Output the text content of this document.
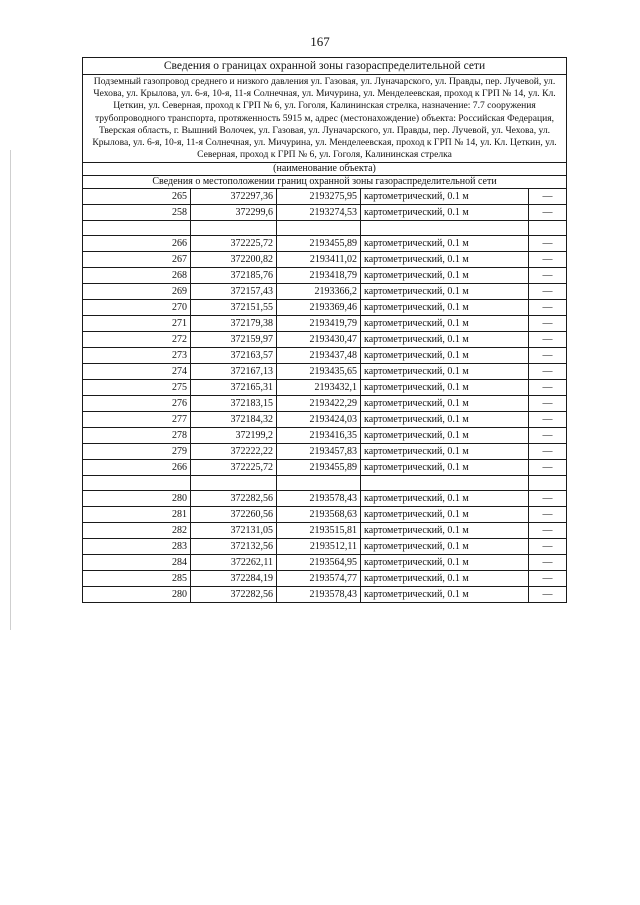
167
Сведения о границах охранной зоны газораспределительной сети				
Подземный газопровод среднего и низкого давления ул. Газовая, ул. Луначарского, ул. Правды, пер. Лучевой, ул. Чехова, ул. Крылова, ул. 6-я, 10-я, 11-я Солнечная, ул. Мичурина, ул. Менделеевская, проход к ГРП № 14, ул. Кл. Цеткин, ул. Северная, проход к ГРП № 6, ул. Гоголя, Калининская стрелка, назначение: 7.7 сооружения трубопроводного транспорта, протяженность 5915 м, адрес (местонахождение) объекта: Российская Федерация, Тверская область, г. Вышний Волочек, ул. Газовая, ул. Луначарского, ул. Правды, пер. Лучевой, ул. Чехова, ул. Крылова, ул. 6-я, 10-я, 11-я Солнечная, ул. Мичурина, ул. Менделеевская, проход к ГРП № 14, ул. Кл. Цеткин, ул. Северная, проход к ГРП № 6, ул. Гоголя, Калининская стрелка				
(наименование объекта)				
Сведения о местоположении границ охранной зоны газораспределительной сети				
265	372297,36	2193275,95	картометрический, 0.1 м	—
258	372299,6	2193274,53	картометрический, 0.1 м	—

266	372225,72	2193455,89	картометрический, 0.1 м	—
267	372200,82	2193411,02	картометрический, 0.1 м	—
268	372185,76	2193418,79	картометрический, 0.1 м	—
269	372157,43	2193366,2	картометрический, 0.1 м	—
270	372151,55	2193369,46	картометрический, 0.1 м	—
271	372179,38	2193419,79	картометрический, 0.1 м	—
272	372159,97	2193430,47	картометрический, 0.1 м	—
273	372163,57	2193437,48	картометрический, 0.1 м	—
274	372167,13	2193435,65	картометрический, 0.1 м	—
275	372165,31	2193432,1	картометрический, 0.1 м	—
276	372183,15	2193422,29	картометрический, 0.1 м	—
277	372184,32	2193424,03	картометрический, 0.1 м	—
278	372199,2	2193416,35	картометрический, 0.1 м	—
279	372222,22	2193457,83	картометрический, 0.1 м	—
266	372225,72	2193455,89	картометрический, 0.1 м	—

280	372282,56	2193578,43	картометрический, 0.1 м	—
281	372260,56	2193568,63	картометрический, 0.1 м	—
282	372131,05	2193515,81	картометрический, 0.1 м	—
283	372132,56	2193512,11	картометрический, 0.1 м	—
284	372262,11	2193564,95	картометрический, 0.1 м	—
285	372284,19	2193574,77	картометрический, 0.1 м	—
280	372282,56	2193578,43	картометрический, 0.1 м	—
